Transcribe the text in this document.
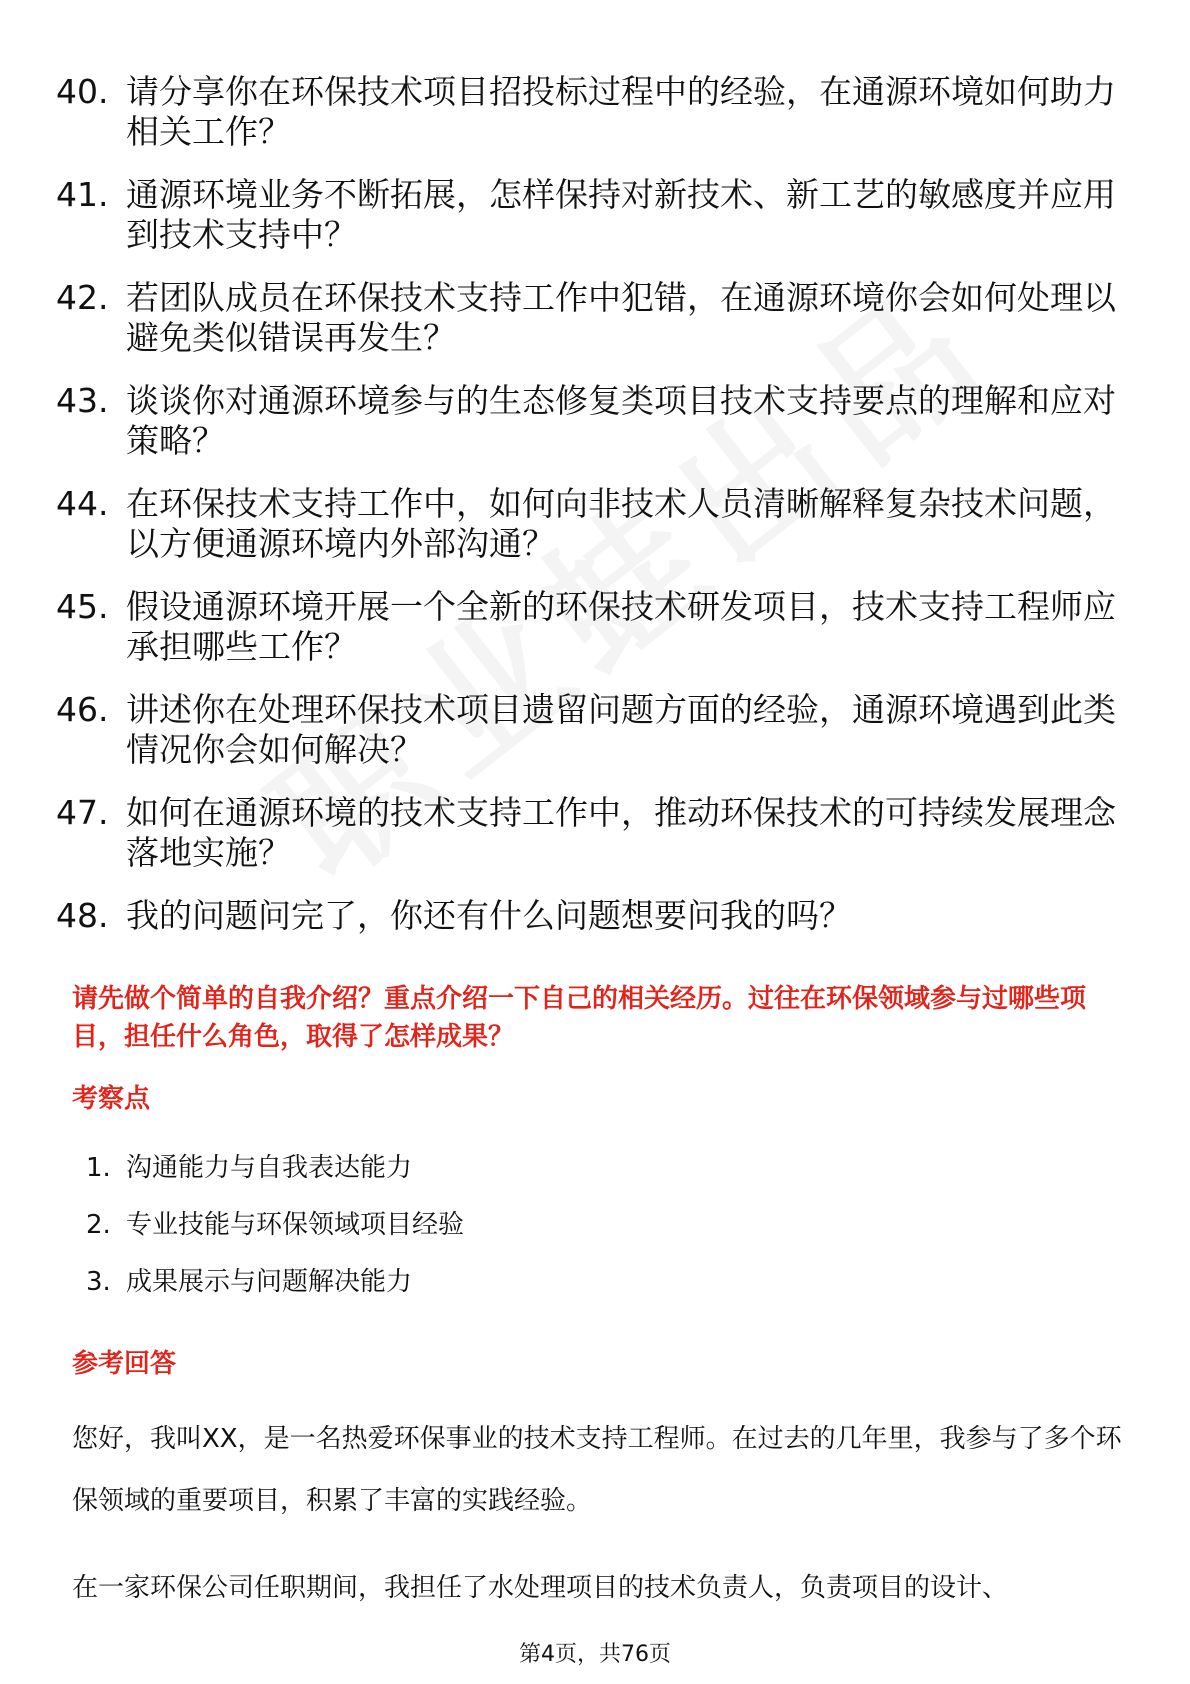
40. 请分享你在环保技术项目招投标过程中的经验，在通源环境如何助力相关工作？
41. 通源环境业务不断拓展，怎样保持对新技术、新工艺的敏感度并应用到技术支持中？
42. 若团队成员在环保技术支持工作中犯错，在通源环境你会如何处理以避免类似错误再发生？
43. 谈谈你对通源环境参与的生态修复类项目技术支持要点的理解和应对策略？
44. 在环保技术支持工作中，如何向非技术人员清晰解释复杂技术问题，以方便通源环境内外部沟通？
45. 假设通源环境开展一个全新的环保技术研发项目，技术支持工程师应承担哪些工作？
46. 讲述你在处理环保技术项目遗留问题方面的经验，通源环境遇到此类情况你会如何解决？
47. 如何在通源环境的技术支持工作中，推动环保技术的可持续发展理念落地实施？
48. 我的问题问完了，你还有什么问题想要问我的吗？

请先做个简单的自我介绍？重点介绍一下自己的相关经历。过往在环保领域参与过哪些项目，担任什么角色，取得了怎样成果？

考察点
1. 沟通能力与自我表达能力
2. 专业技能与环保领域项目经验
3. 成果展示与问题解决能力
参考回答

您好，我叫XX，是一名热爱环保事业的技术支持工程师。在过去的几年里，我参与了多个环保领域的重要项目，积累了丰富的实践经验。

在一家环保公司任职期间，我担任了水处理项目的技术负责人，负责项目的设计、

第4页，共76页
